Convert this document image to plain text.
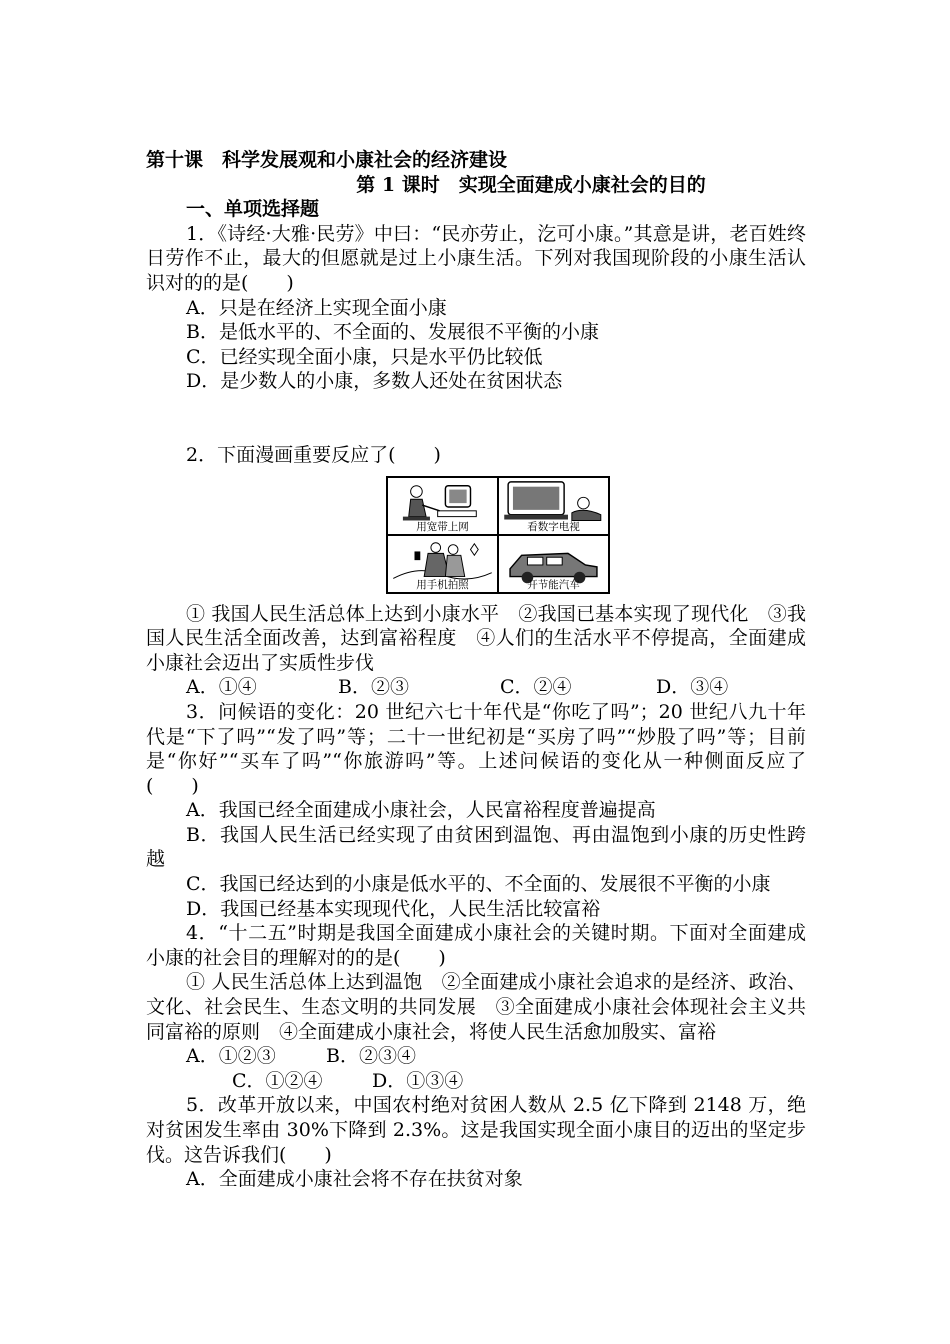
第十课　科学发展观和小康社会的经济建设
第 1 课时　实现全面建成小康社会的目的
一、单项选择题
1．《诗经·大雅·民劳》中曰：“民亦劳止，汔可小康。”其意是讲，老百姓终日劳作不止，最大的但愿就是过上小康生活。下列对我国现阶段的小康生活认识对的的是(　　)
A．只是在经济上实现全面小康
B．是低水平的、不全面的、发展很不平衡的小康
C．已经实现全面小康，只是水平仍比较低
D．是少数人的小康，多数人还处在贫困状态
2．下面漫画重要反应了(　　)
用宽带上网	看数字电视
用手机拍照	开节能汽车
① 我国人民生活总体上达到小康水平　②我国已基本实现了现代化　③我国人民生活全面改善，达到富裕程度　④人们的生活水平不停提高，全面建成小康社会迈出了实质性步伐
A．①④	B．②③	C．②④	D．③④
3．问候语的变化：20 世纪六七十年代是“你吃了吗”；20 世纪八九十年代是“下了吗”“发了吗”等；二十一世纪初是“买房了吗”“炒股了吗”等；目前是“你好”“买车了吗”“你旅游吗”等。上述问候语的变化从一种侧面反应了(　　)
A．我国已经全面建成小康社会，人民富裕程度普遍提高
B．我国人民生活已经实现了由贫困到温饱、再由温饱到小康的历史性跨越
C．我国已经达到的小康是低水平的、不全面的、发展很不平衡的小康
D．我国已经基本实现现代化，人民生活比较富裕
4．“十二五”时期是我国全面建成小康社会的关键时期。下面对全面建成小康的社会目的理解对的的是(　　)
① 人民生活总体上达到温饱　②全面建成小康社会追求的是经济、政治、文化、社会民生、生态文明的共同发展　③全面建成小康社会体现社会主义共同富裕的原则　④全面建成小康社会，将使人民生活愈加殷实、富裕
A．①②③	B．②③④
C．①②④	D．①③④
5．改革开放以来，中国农村绝对贫困人数从 2.5 亿下降到 2148 万，绝对贫困发生率由 30%下降到 2.3%。这是我国实现全面小康目的迈出的坚定步伐。这告诉我们(　　)
A．全面建成小康社会将不存在扶贫对象
